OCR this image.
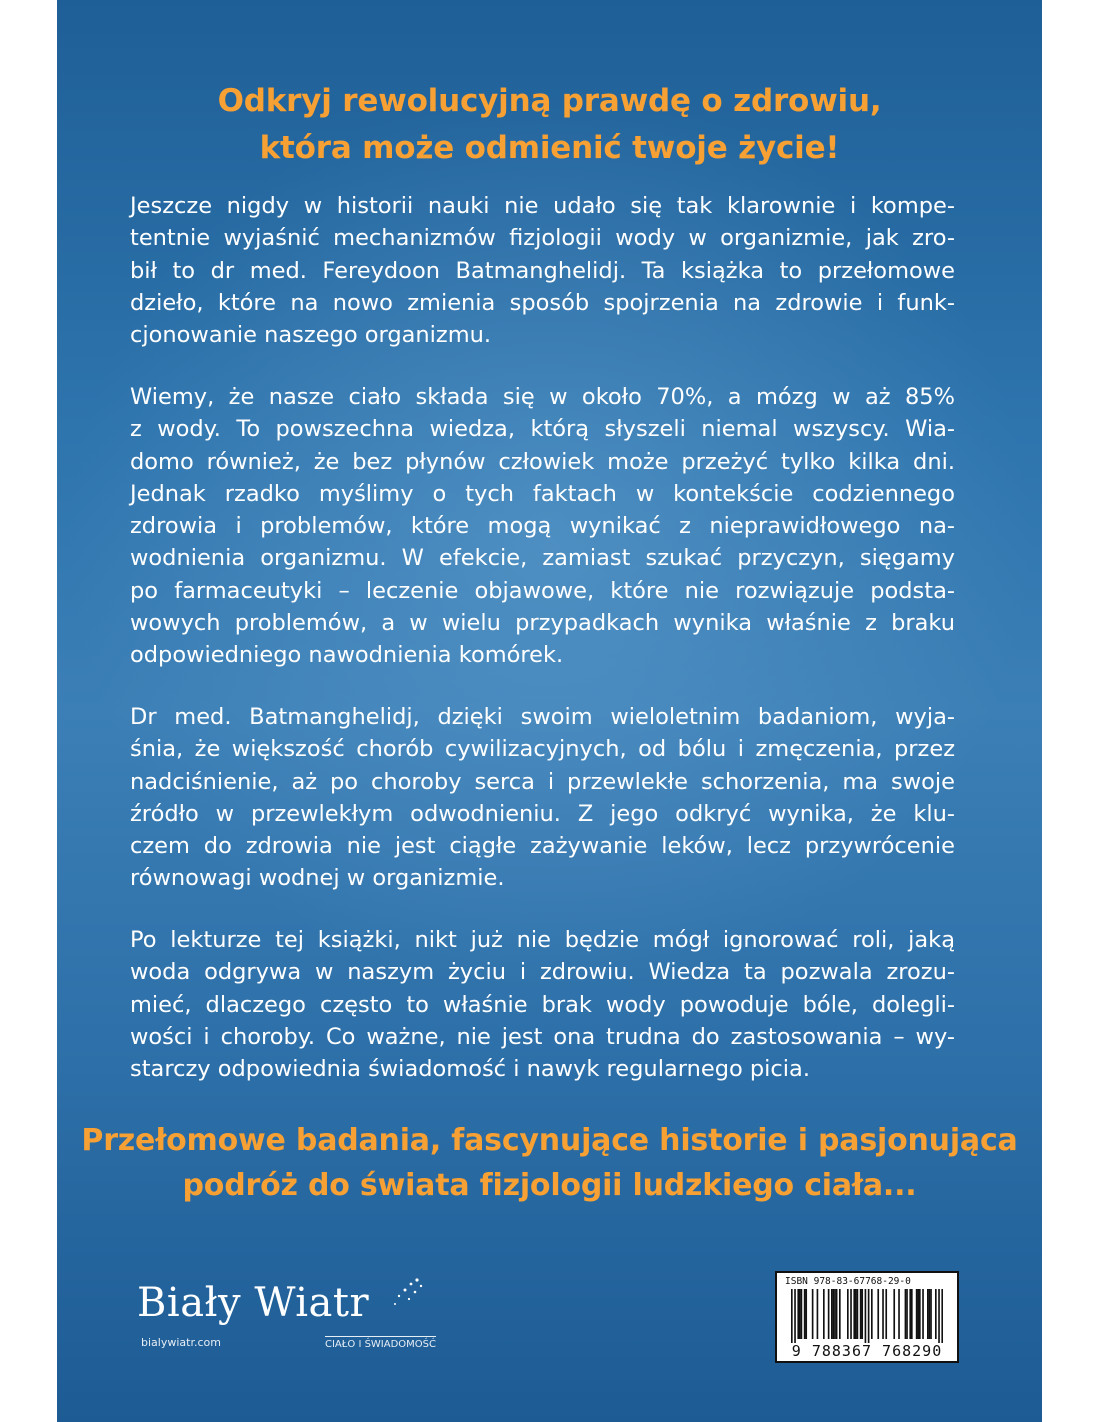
Odkryj rewolucyjną prawdę o zdrowiu,
która może odmienić twoje życie!
Jeszcze nigdy w historii nauki nie udało się tak klarownie i kompe-
tentnie wyjaśnić mechanizmów fizjologii wody w organizmie, jak zro-
bił to dr med. Fereydoon Batmanghelidj. Ta książka to przełomowe
dzieło, które na nowo zmienia sposób spojrzenia na zdrowie i funk-
cjonowanie naszego organizmu.
Wiemy, że nasze ciało składa się w około 70%, a mózg w aż 85%
z wody. To powszechna wiedza, którą słyszeli niemal wszyscy. Wia-
domo również, że bez płynów człowiek może przeżyć tylko kilka dni.
Jednak rzadko myślimy o tych faktach w kontekście codziennego
zdrowia i problemów, które mogą wynikać z nieprawidłowego na-
wodnienia organizmu. W efekcie, zamiast szukać przyczyn, sięgamy
po farmaceutyki – leczenie objawowe, które nie rozwiązuje podsta-
wowych problemów, a w wielu przypadkach wynika właśnie z braku
odpowiedniego nawodnienia komórek.
Dr med. Batmanghelidj, dzięki swoim wieloletnim badaniom, wyja-
śnia, że większość chorób cywilizacyjnych, od bólu i zmęczenia, przez
nadciśnienie, aż po choroby serca i przewlekłe schorzenia, ma swoje
źródło w przewlekłym odwodnieniu. Z jego odkryć wynika, że klu-
czem do zdrowia nie jest ciągłe zażywanie leków, lecz przywrócenie
równowagi wodnej w organizmie.
Po lekturze tej książki, nikt już nie będzie mógł ignorować roli, jaką
woda odgrywa w naszym życiu i zdrowiu. Wiedza ta pozwala zrozu-
mieć, dlaczego często to właśnie brak wody powoduje bóle, dolegli-
wości i choroby. Co ważne, nie jest ona trudna do zastosowania – wy-
starczy odpowiednia świadomość i nawyk regularnego picia.
Przełomowe badania, fascynujące historie i pasjonująca
podróż do świata fizjologii ludzkiego ciała...
Biały Wiatr
bialywiatr.com	CIAŁO I ŚWIADOMOŚĆ
ISBN 978-83-67768-29-0
9 788367 768290
